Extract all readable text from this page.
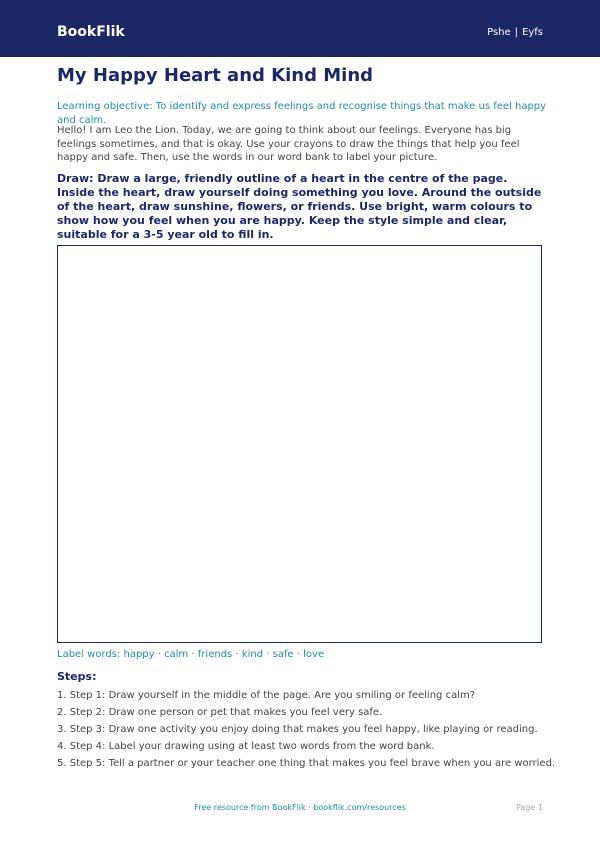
BookFlik	Pshe | Eyfs
My Happy Heart and Kind Mind
Learning objective: To identify and express feelings and recognise things that make us feel happy and calm.
Hello! I am Leo the Lion. Today, we are going to think about our feelings. Everyone has big feelings sometimes, and that is okay. Use your crayons to draw the things that help you feel happy and safe. Then, use the words in our word bank to label your picture.
Draw: Draw a large, friendly outline of a heart in the centre of the page. Inside the heart, draw yourself doing something you love. Around the outside of the heart, draw sunshine, flowers, or friends. Use bright, warm colours to show how you feel when you are happy. Keep the style simple and clear, suitable for a 3-5 year old to fill in.
Label words: happy · calm · friends · kind · safe · love
Steps:
1. Step 1: Draw yourself in the middle of the page. Are you smiling or feeling calm?
2. Step 2: Draw one person or pet that makes you feel very safe.
3. Step 3: Draw one activity you enjoy doing that makes you feel happy, like playing or reading.
4. Step 4: Label your drawing using at least two words from the word bank.
5. Step 5: Tell a partner or your teacher one thing that makes you feel brave when you are worried.
Free resource from BookFlik · bookflik.com/resources	Page 1
